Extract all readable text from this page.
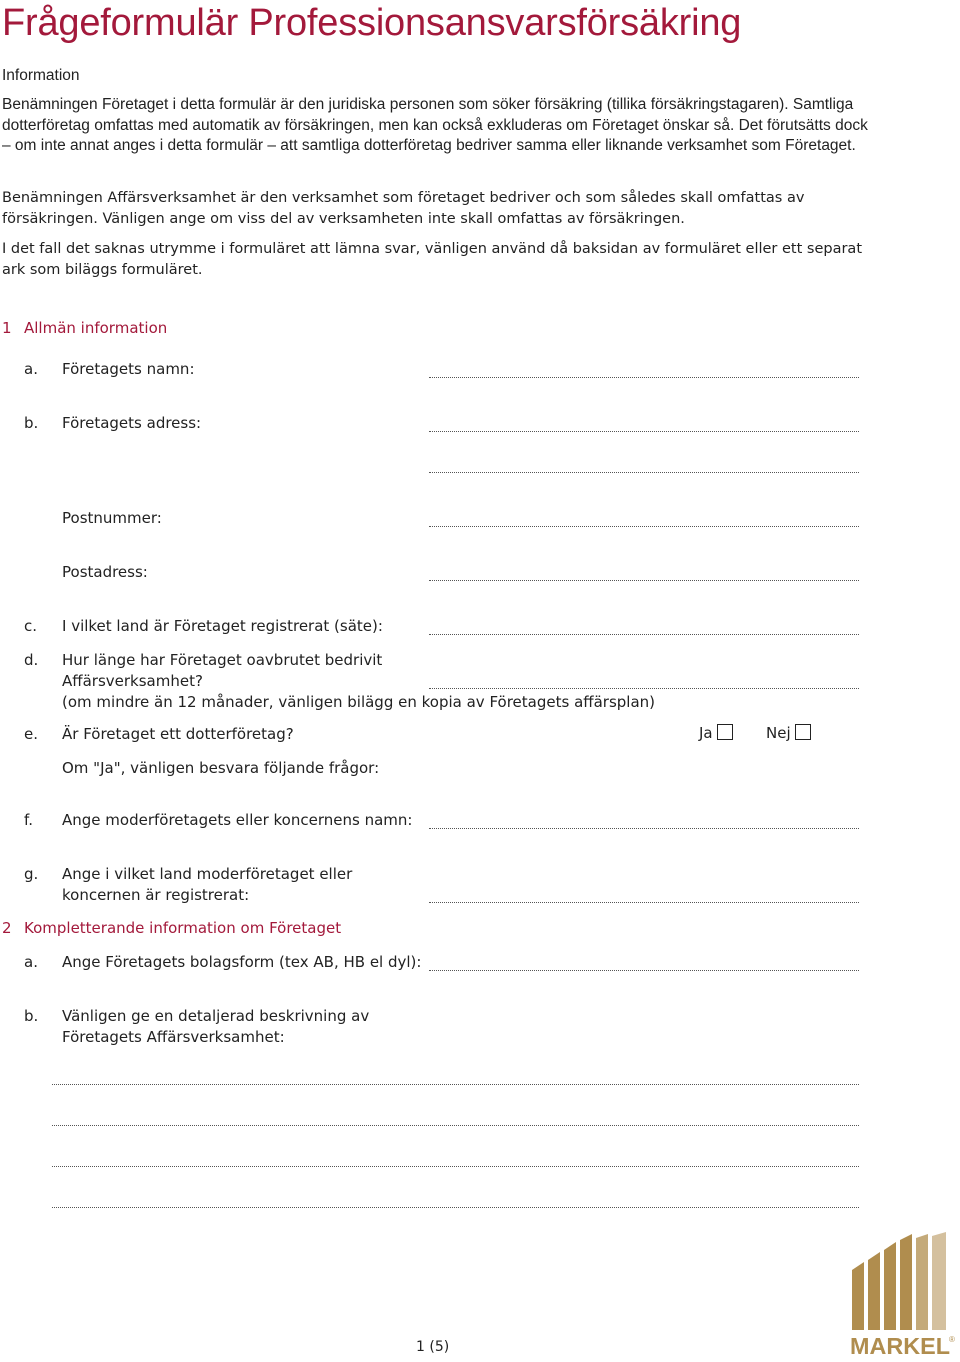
Frågeformulär Professionsansvarsförsäkring
Information
Benämningen Företaget i detta formulär är den juridiska personen som söker försäkring (tillika försäkringstagaren). Samtliga dotterföretag omfattas med automatik av försäkringen, men kan också exkluderas om Företaget önskar så. Det förutsätts dock – om inte annat anges i detta formulär – att samtliga dotterföretag bedriver samma eller liknande verksamhet som Företaget.
Benämningen Affärsverksamhet är den verksamhet som företaget bedriver och som således skall omfattas av försäkringen. Vänligen ange om viss del av verksamheten inte skall omfattas av försäkringen.
I det fall det saknas utrymme i formuläret att lämna svar, vänligen använd då baksidan av formuläret eller ett separat ark som biläggs formuläret.
1 Allmän information
a. Företagets namn:
b. Företagets adress:
Postnummer:
Postadress:
c. I vilket land är Företaget registrerat (säte):
d. Hur länge har Företaget oavbrutet bedrivit
Affärsverksamhet?
(om mindre än 12 månader, vänligen bilägg en kopia av Företagets affärsplan)
e. Är Företaget ett dotterföretag?	Ja	Nej
Om "Ja", vänligen besvara följande frågor:
f. Ange moderföretagets eller koncernens namn:
g. Ange i vilket land moderföretaget eller
koncernen är registrerat:
2 Kompletterande information om Företaget
a. Ange Företagets bolagsform (tex AB, HB el dyl):
b. Vänligen ge en detaljerad beskrivning av
Företagets Affärsverksamhet:
1 (5)	MARKEL ®
